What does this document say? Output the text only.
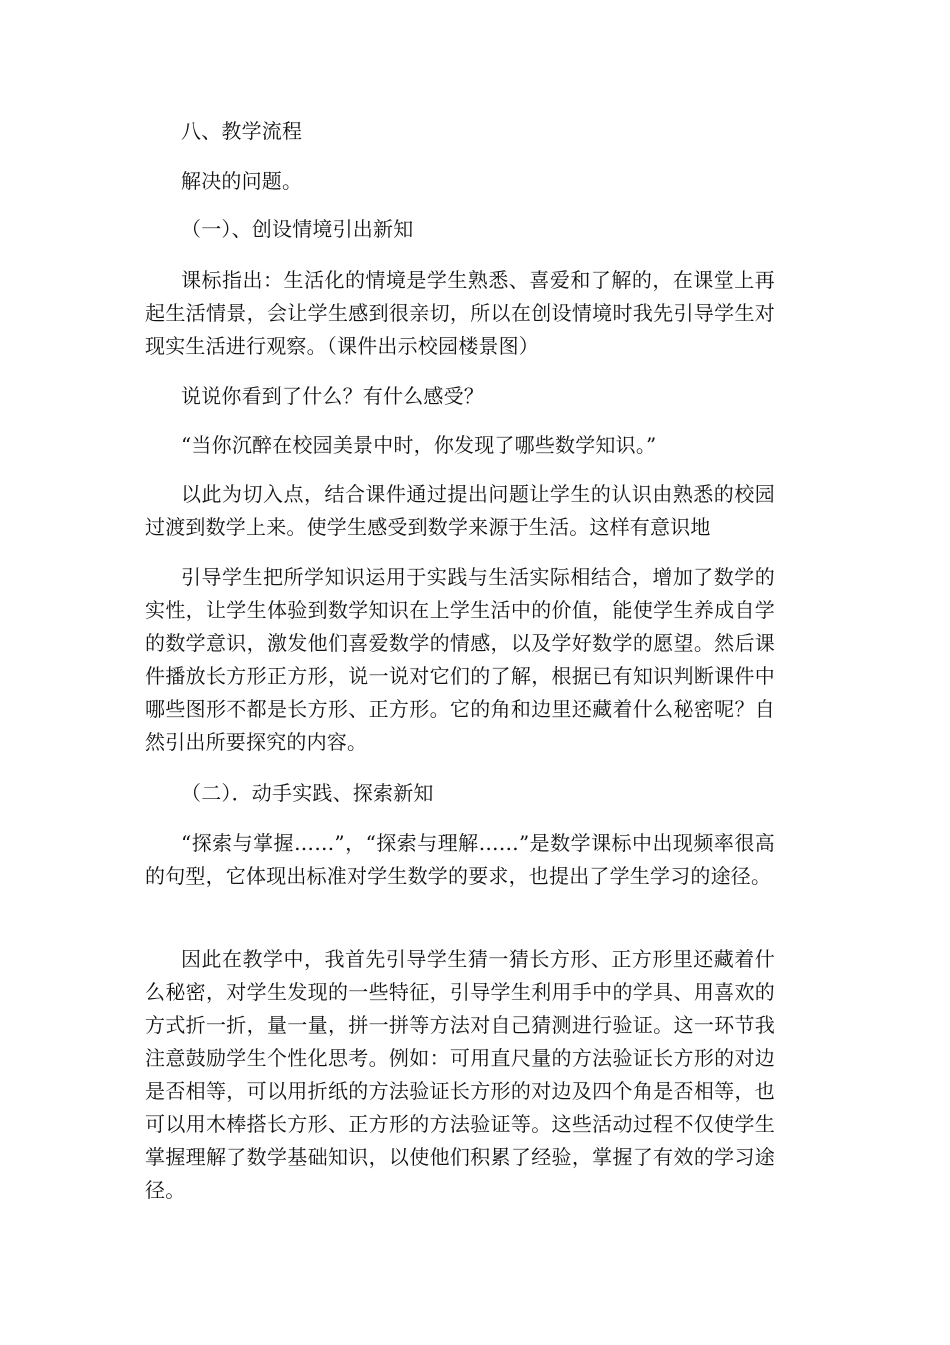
八、教学流程

解决的问题。

（一）、创设情境引出新知

课标指出：生活化的情境是学生熟悉、喜爱和了解的，在课堂上再起生活情景，会让学生感到很亲切，所以在创设情境时我先引导学生对现实生活进行观察。（课件出示校园楼景图）

说说你看到了什么？有什么感受？

“当你沉醉在校园美景中时，你发现了哪些数学知识。”

以此为切入点，结合课件通过提出问题让学生的认识由熟悉的校园过渡到数学上来。使学生感受到数学来源于生活。这样有意识地

引导学生把所学知识运用于实践与生活实际相结合，增加了数学的实性，让学生体验到数学知识在上学生活中的价值，能使学生养成自学的数学意识，激发他们喜爱数学的情感，以及学好数学的愿望。然后课件播放长方形正方形，说一说对它们的了解，根据已有知识判断课件中哪些图形不都是长方形、正方形。它的角和边里还藏着什么秘密呢？自然引出所要探究的内容。

（二）．动手实践、探索新知

“探索与掌握……”，“探索与理解……”是数学课标中出现频率很高的句型，它体现出标准对学生数学的要求，也提出了学生学习的途径。

因此在教学中，我首先引导学生猜一猜长方形、正方形里还藏着什么秘密，对学生发现的一些特征，引导学生利用手中的学具、用喜欢的方式折一折，量一量，拼一拼等方法对自己猜测进行验证。这一环节我注意鼓励学生个性化思考。例如：可用直尺量的方法验证长方形的对边是否相等，可以用折纸的方法验证长方形的对边及四个角是否相等，也可以用木棒搭长方形、正方形的方法验证等。这些活动过程不仅使学生掌握理解了数学基础知识，以使他们积累了经验，掌握了有效的学习途径。
